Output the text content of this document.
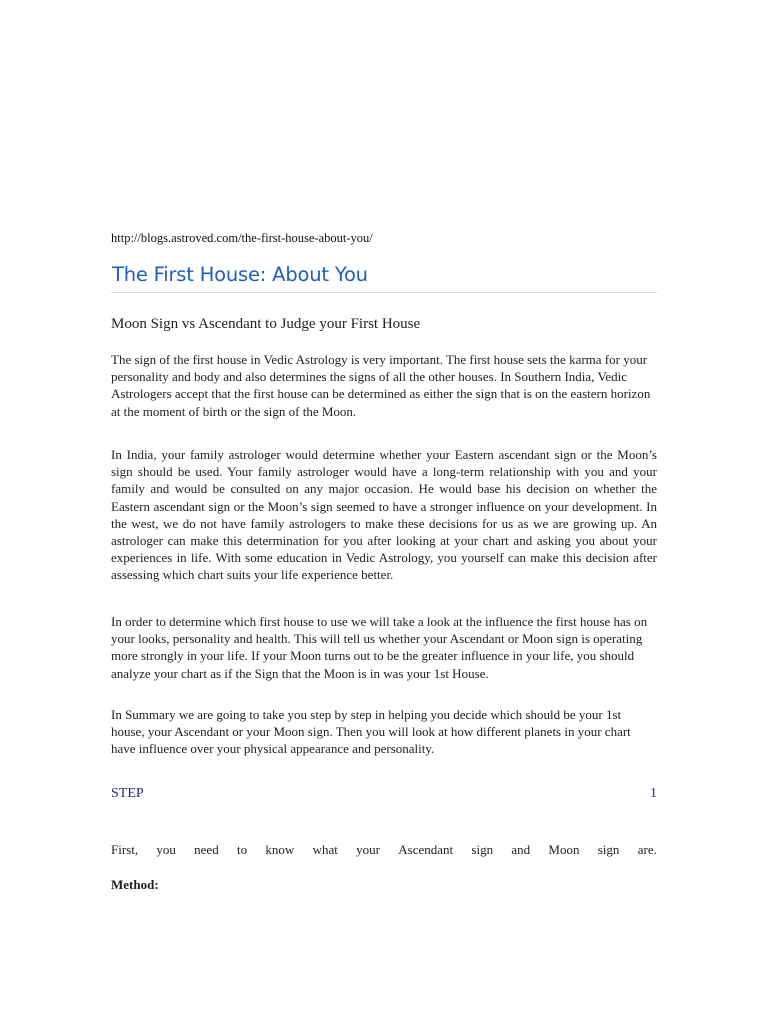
http://blogs.astroved.com/the-first-house-about-you/
The First House: About You
Moon Sign vs Ascendant to Judge your First House

The sign of the first house in Vedic Astrology is very important. The first house sets the karma for your personality and body and also determines the signs of all the other houses. In Southern India, Vedic Astrologers accept that the first house can be determined as either the sign that is on the eastern horizon at the moment of birth or the sign of the Moon.

In India, your family astrologer would determine whether your Eastern ascendant sign or the Moon’s sign should be used. Your family astrologer would have a long-term relationship with you and your family and would be consulted on any major occasion. He would base his decision on whether the Eastern ascendant sign or the Moon’s sign seemed to have a stronger influence on your development. In the west, we do not have family astrologers to make these decisions for us as we are growing up. An astrologer can make this determination for you after looking at your chart and asking you about your experiences in life. With some education in Vedic Astrology, you yourself can make this decision after assessing which chart suits your life experience better.

In order to determine which first house to use we will take a look at the influence the first house has on your looks, personality and health. This will tell us whether your Ascendant or Moon sign is operating more strongly in your life. If your Moon turns out to be the greater influence in your life, you should analyze your chart as if the Sign that the Moon is in was your 1st House.

In Summary we are going to take you step by step in helping you decide which should be your 1st house, your Ascendant or your Moon sign. Then you will look at how different planets in your chart have influence over your physical appearance and personality.

STEP	1
First, you need to know what your Ascendant sign and Moon sign are.
Method:
